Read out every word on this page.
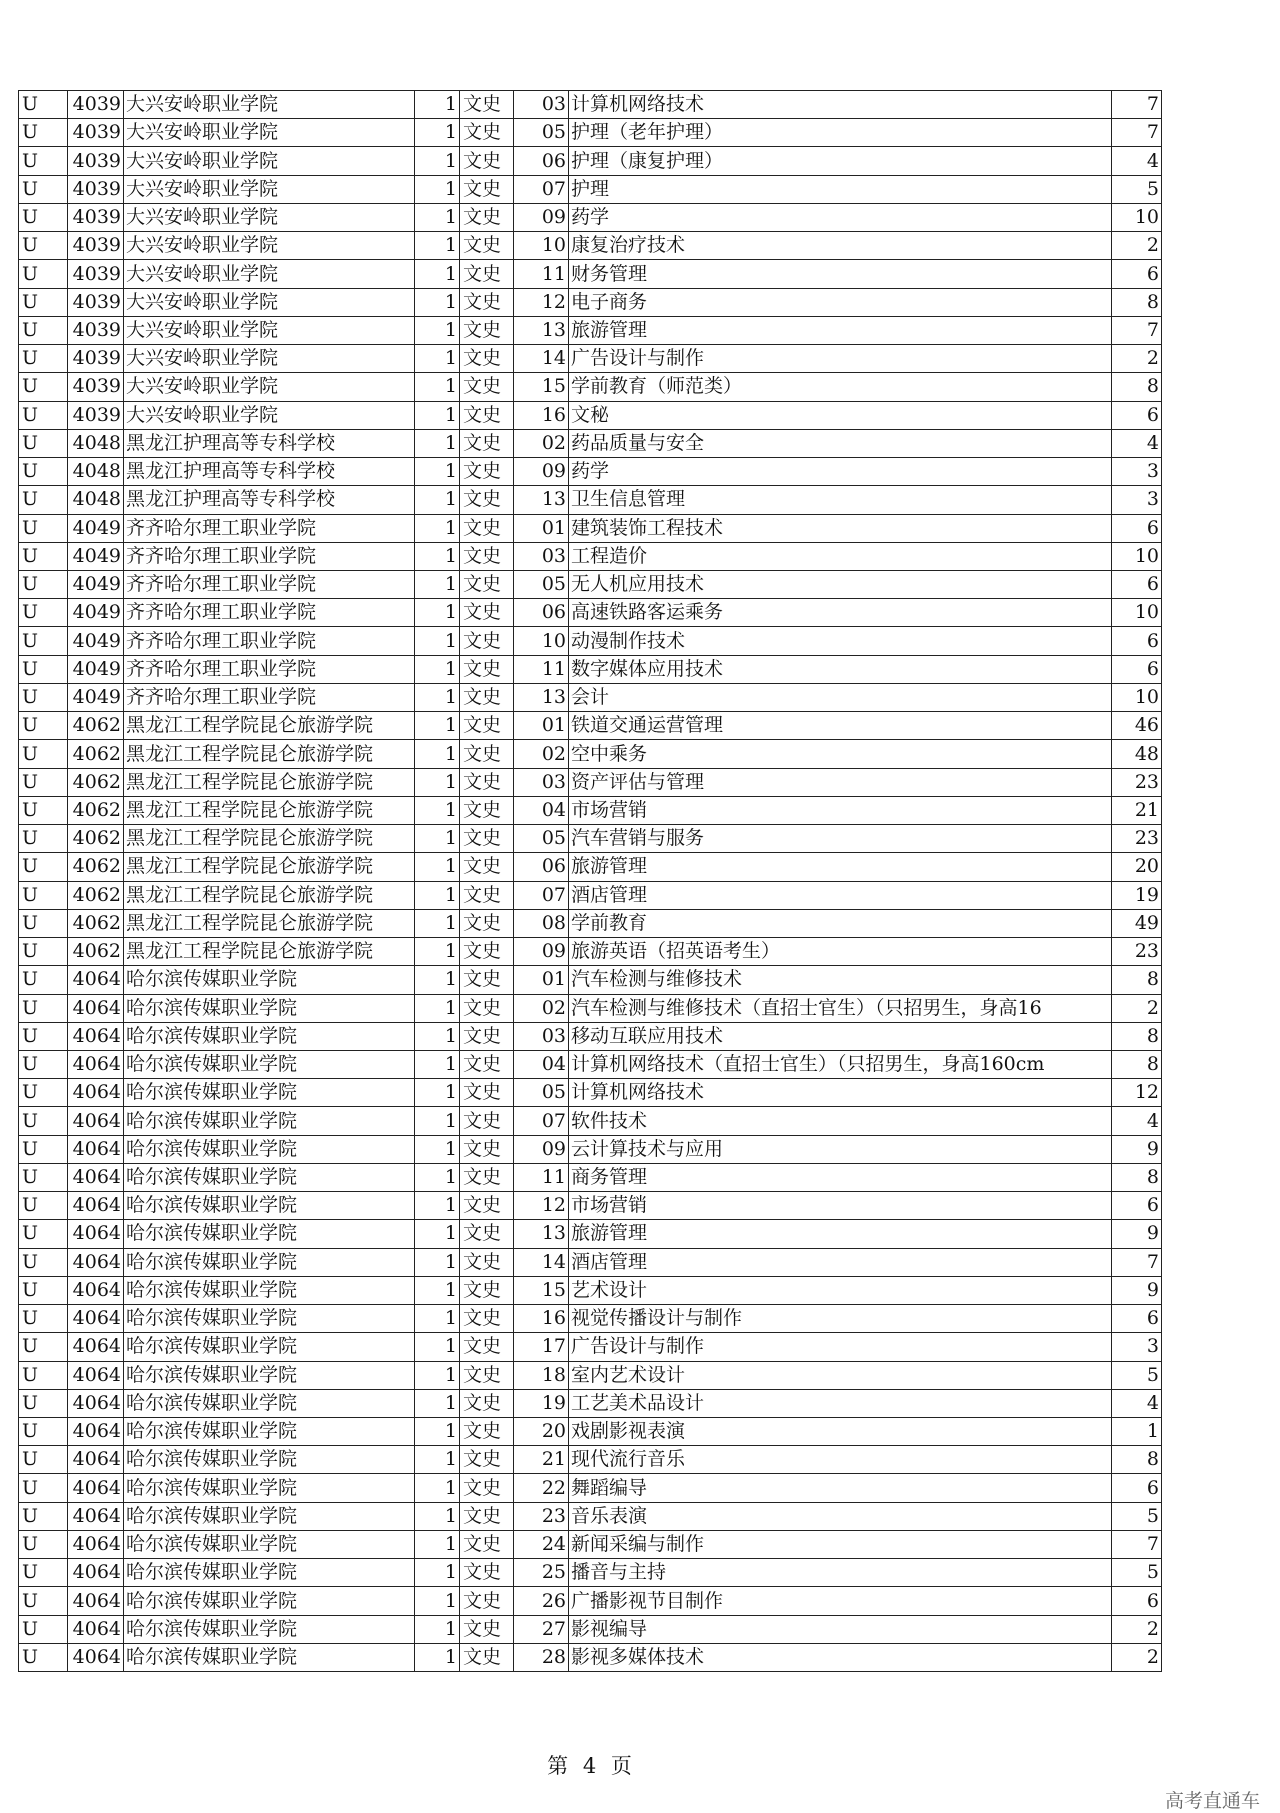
U	4039	大兴安岭职业学院	1	文史	03	计算机网络技术	7
U	4039	大兴安岭职业学院	1	文史	05	护理（老年护理）	7
U	4039	大兴安岭职业学院	1	文史	06	护理（康复护理）	4
U	4039	大兴安岭职业学院	1	文史	07	护理	5
U	4039	大兴安岭职业学院	1	文史	09	药学	10
U	4039	大兴安岭职业学院	1	文史	10	康复治疗技术	2
U	4039	大兴安岭职业学院	1	文史	11	财务管理	6
U	4039	大兴安岭职业学院	1	文史	12	电子商务	8
U	4039	大兴安岭职业学院	1	文史	13	旅游管理	7
U	4039	大兴安岭职业学院	1	文史	14	广告设计与制作	2
U	4039	大兴安岭职业学院	1	文史	15	学前教育（师范类）	8
U	4039	大兴安岭职业学院	1	文史	16	文秘	6
U	4048	黑龙江护理高等专科学校	1	文史	02	药品质量与安全	4
U	4048	黑龙江护理高等专科学校	1	文史	09	药学	3
U	4048	黑龙江护理高等专科学校	1	文史	13	卫生信息管理	3
U	4049	齐齐哈尔理工职业学院	1	文史	01	建筑装饰工程技术	6
U	4049	齐齐哈尔理工职业学院	1	文史	03	工程造价	10
U	4049	齐齐哈尔理工职业学院	1	文史	05	无人机应用技术	6
U	4049	齐齐哈尔理工职业学院	1	文史	06	高速铁路客运乘务	10
U	4049	齐齐哈尔理工职业学院	1	文史	10	动漫制作技术	6
U	4049	齐齐哈尔理工职业学院	1	文史	11	数字媒体应用技术	6
U	4049	齐齐哈尔理工职业学院	1	文史	13	会计	10
U	4062	黑龙江工程学院昆仑旅游学院	1	文史	01	铁道交通运营管理	46
U	4062	黑龙江工程学院昆仑旅游学院	1	文史	02	空中乘务	48
U	4062	黑龙江工程学院昆仑旅游学院	1	文史	03	资产评估与管理	23
U	4062	黑龙江工程学院昆仑旅游学院	1	文史	04	市场营销	21
U	4062	黑龙江工程学院昆仑旅游学院	1	文史	05	汽车营销与服务	23
U	4062	黑龙江工程学院昆仑旅游学院	1	文史	06	旅游管理	20
U	4062	黑龙江工程学院昆仑旅游学院	1	文史	07	酒店管理	19
U	4062	黑龙江工程学院昆仑旅游学院	1	文史	08	学前教育	49
U	4062	黑龙江工程学院昆仑旅游学院	1	文史	09	旅游英语（招英语考生）	23
U	4064	哈尔滨传媒职业学院	1	文史	01	汽车检测与维修技术	8
U	4064	哈尔滨传媒职业学院	1	文史	02	汽车检测与维修技术（直招士官生）（只招男生，身高16	2
U	4064	哈尔滨传媒职业学院	1	文史	03	移动互联应用技术	8
U	4064	哈尔滨传媒职业学院	1	文史	04	计算机网络技术（直招士官生）（只招男生，身高160cm	8
U	4064	哈尔滨传媒职业学院	1	文史	05	计算机网络技术	12
U	4064	哈尔滨传媒职业学院	1	文史	07	软件技术	4
U	4064	哈尔滨传媒职业学院	1	文史	09	云计算技术与应用	9
U	4064	哈尔滨传媒职业学院	1	文史	11	商务管理	8
U	4064	哈尔滨传媒职业学院	1	文史	12	市场营销	6
U	4064	哈尔滨传媒职业学院	1	文史	13	旅游管理	9
U	4064	哈尔滨传媒职业学院	1	文史	14	酒店管理	7
U	4064	哈尔滨传媒职业学院	1	文史	15	艺术设计	9
U	4064	哈尔滨传媒职业学院	1	文史	16	视觉传播设计与制作	6
U	4064	哈尔滨传媒职业学院	1	文史	17	广告设计与制作	3
U	4064	哈尔滨传媒职业学院	1	文史	18	室内艺术设计	5
U	4064	哈尔滨传媒职业学院	1	文史	19	工艺美术品设计	4
U	4064	哈尔滨传媒职业学院	1	文史	20	戏剧影视表演	1
U	4064	哈尔滨传媒职业学院	1	文史	21	现代流行音乐	8
U	4064	哈尔滨传媒职业学院	1	文史	22	舞蹈编导	6
U	4064	哈尔滨传媒职业学院	1	文史	23	音乐表演	5
U	4064	哈尔滨传媒职业学院	1	文史	24	新闻采编与制作	7
U	4064	哈尔滨传媒职业学院	1	文史	25	播音与主持	5
U	4064	哈尔滨传媒职业学院	1	文史	26	广播影视节目制作	6
U	4064	哈尔滨传媒职业学院	1	文史	27	影视编导	2
U	4064	哈尔滨传媒职业学院	1	文史	28	影视多媒体技术	2
第 4 页
高考直通车
